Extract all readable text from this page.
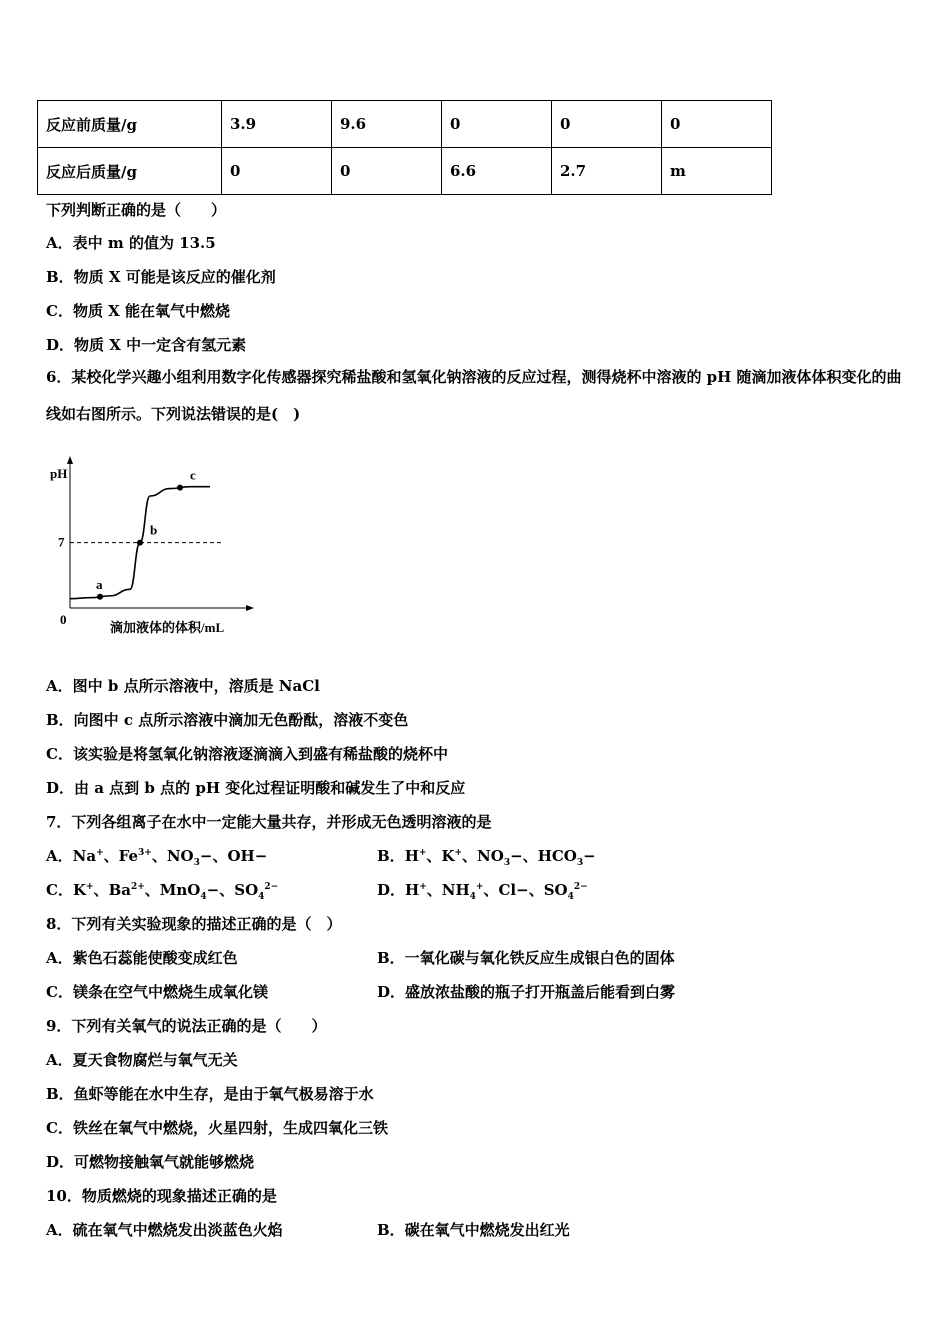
反应前质量/g	3.9	9.6	0	0	0
反应后质量/g	0	0	6.6	2.7	m
下列判断正确的是（　　）
A．表中 m 的值为 13.5
B．物质 X 可能是该反应的催化剂
C．物质 X 能在氧气中燃烧
D．物质 X 中一定含有氢元素
6．某校化学兴趣小组利用数字化传感器探究稀盐酸和氢氧化钠溶液的反应过程，测得烧杯中溶液的 pH 随滴加液体体积变化的曲线如右图所示。下列说法错误的是(　)
a
b
c
pH
7
0
滴加液体的体积/mL
A．图中 b 点所示溶液中，溶质是 NaCl
B．向图中 c 点所示溶液中滴加无色酚酞，溶液不变色
C．该实验是将氢氧化钠溶液逐滴滴入到盛有稀盐酸的烧杯中
D．由 a 点到 b 点的 pH 变化过程证明酸和碱发生了中和反应
7．下列各组离子在水中一定能大量共存，并形成无色透明溶液的是
A．Na+、$Fe^{3+}$、$NO_3-$、OH−	B．H+、K+、$NO_3-$、$HCO_3-$
C．K+、$Ba^{2+}$、MnO$_4$−、$SO_4^{2-}$	D．H+、$NH_4^+$、Cl−、$SO_4^{2-}$
8．下列有关实验现象的描述正确的是（　）
A．紫色石蕊能使酸变成红色	B．一氧化碳与氧化铁反应生成银白色的固体
C．镁条在空气中燃烧生成氧化镁	D．盛放浓盐酸的瓶子打开瓶盖后能看到白雾
9．下列有关氧气的说法正确的是（　　）
A．夏天食物腐烂与氧气无关
B．鱼虾等能在水中生存，是由于氧气极易溶于水
C．铁丝在氧气中燃烧，火星四射，生成四氧化三铁
D．可燃物接触氧气就能够燃烧
10．物质燃烧的现象描述正确的是
A．硫在氧气中燃烧发出淡蓝色火焰	B．碳在氧气中燃烧发出红光
